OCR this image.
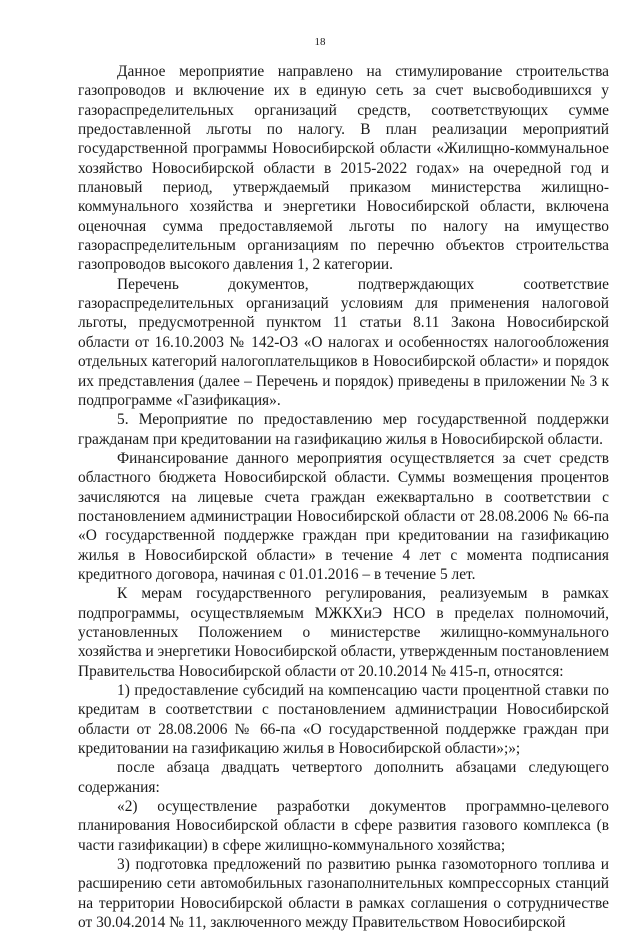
18

Данное мероприятие направлено на стимулирование строительства газопроводов и включение их в единую сеть за счет высвободившихся у газораспределительных организаций средств, соответствующих сумме предоставленной льготы по налогу. В план реализации мероприятий государственной программы Новосибирской области «Жилищно-коммунальное хозяйство Новосибирской области в 2015-2022 годах» на очередной год и плановый период, утверждаемый приказом министерства жилищно-коммунального хозяйства и энергетики Новосибирской области, включена оценочная сумма предоставляемой льготы по налогу на имущество газораспределительным организациям по перечню объектов строительства газопроводов высокого давления 1, 2 категории.

Перечень документов, подтверждающих соответствие газораспределительных организаций условиям для применения налоговой льготы, предусмотренной пунктом 11 статьи 8.11 Закона Новосибирской области от 16.10.2003 № 142-ОЗ «О налогах и особенностях налогообложения отдельных категорий налогоплательщиков в Новосибирской области» и порядок их представления (далее – Перечень и порядок) приведены в приложении № 3 к подпрограмме «Газификация».

5. Мероприятие по предоставлению мер государственной поддержки гражданам при кредитовании на газификацию жилья в Новосибирской области.

Финансирование данного мероприятия осуществляется за счет средств областного бюджета Новосибирской области. Суммы возмещения процентов зачисляются на лицевые счета граждан ежеквартально в соответствии с постановлением администрации Новосибирской области от 28.08.2006 № 66-па «О государственной поддержке граждан при кредитовании на газификацию жилья в Новосибирской области» в течение 4 лет с момента подписания кредитного договора, начиная с 01.01.2016 – в течение 5 лет.

К мерам государственного регулирования, реализуемым в рамках подпрограммы, осуществляемым МЖКХиЭ НСО в пределах полномочий, установленных Положением о министерстве жилищно-коммунального хозяйства и энергетики Новосибирской области, утвержденным постановлением Правительства Новосибирской области от 20.10.2014 № 415-п, относятся:

1) предоставление субсидий на компенсацию части процентной ставки по кредитам в соответствии с постановлением администрации Новосибирской области от 28.08.2006 № 66-па «О государственной поддержке граждан при кредитовании на газификацию жилья в Новосибирской области»;»;

после абзаца двадцать четвертого дополнить абзацами следующего содержания:

«2) осуществление разработки документов программно-целевого планирования Новосибирской области в сфере развития газового комплекса (в части газификации) в сфере жилищно-коммунального хозяйства;

3) подготовка предложений по развитию рынка газомоторного топлива и расширению сети автомобильных газонаполнительных компрессорных станций на территории Новосибирской области в рамках соглашения о сотрудничестве от 30.04.2014 № 11, заключенного между Правительством Новосибирской
